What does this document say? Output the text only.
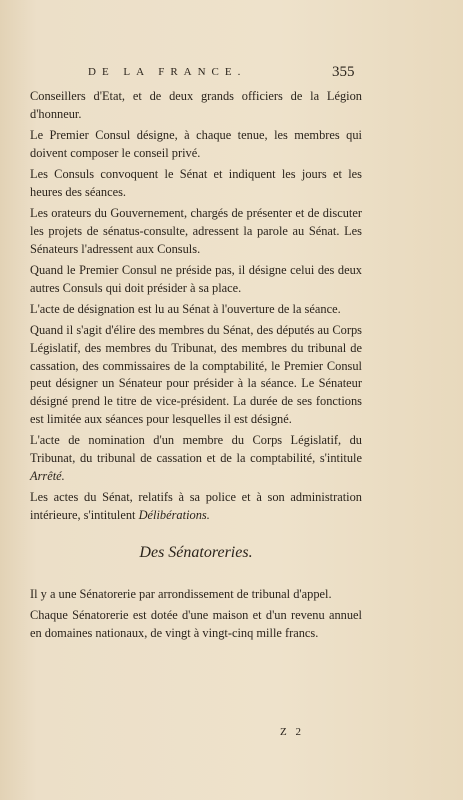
DE LA FRANCE.	355

Conseillers d'Etat, et de deux grands officiers de la Légion d'honneur.

Le Premier Consul désigne, à chaque tenue, les membres qui doivent composer le conseil privé.

Les Consuls convoquent le Sénat et indiquent les jours et les heures des séances.

Les orateurs du Gouvernement, chargés de présenter et de discuter les projets de sénatus-consulte, adressent la parole au Sénat. Les Sénateurs l'adressent aux Consuls.

Quand le Premier Consul ne préside pas, il désigne celui des deux autres Consuls qui doit présider à sa place.

L'acte de désignation est lu au Sénat à l'ouverture de la séance.

Quand il s'agit d'élire des membres du Sénat, des députés au Corps Législatif, des membres du Tribunat, des membres du tribunal de cassation, des commissaires de la comptabilité, le Premier Consul peut désigner un Sénateur pour présider à la séance. Le Sénateur désigné prend le titre de vice-président. La durée de ses fonctions est limitée aux séances pour lesquelles il est désigné.

L'acte de nomination d'un membre du Corps Législatif, du Tribunat, du tribunal de cassation et de la comptabilité, s'intitule Arrêté.

Les actes du Sénat, relatifs à sa police et à son administration intérieure, s'intitulent Délibérations.

Des Sénatoreries.

Il y a une Sénatorerie par arrondissement de tribunal d'appel.

Chaque Sénatorerie est dotée d'une maison et d'un revenu annuel en domaines nationaux, de vingt à vingt-cinq mille francs.

Z 2
